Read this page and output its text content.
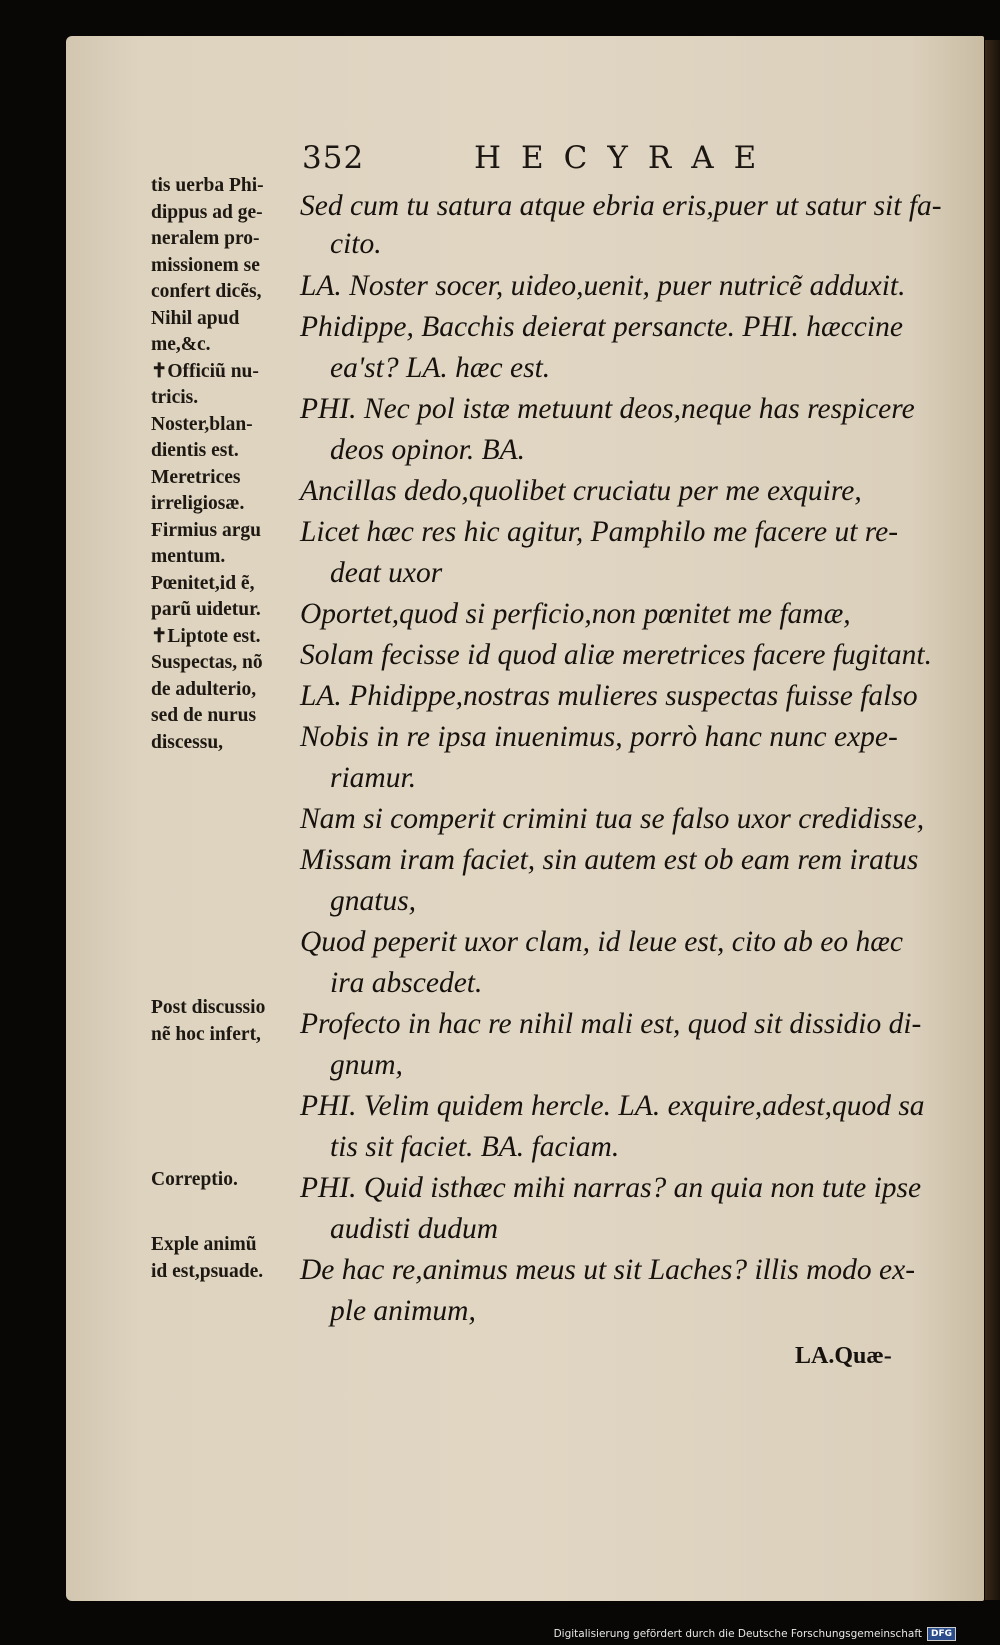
352	HECYRAE
tis uerba Phi-
dippus ad ge-
neralem pro-
missionem se
confert dicẽs,
Nihil apud
me,&c.
✝Officiũ nu-
tricis.
Noster,blan-
dientis est.
Meretrices
irreligiosæ.
Firmius argu
mentum.
Pœnitet,id ẽ,
parũ uidetur.
✝Liptote est.
Suspectas, nõ
de adulterio,
sed de nurus
discessu,
Post discussio
nẽ hoc infert,
Correptio.
Exple animũ
id est,psuade.
Sed cum tu satura atque ebria eris,puer ut satur sit fa-
cito.
LA. Noster socer, uideo,uenit, puer nutricẽ adduxit.
Phidippe, Bacchis deierat persancte. PHI. hæccine
ea'st? LA. hæc est.
PHI. Nec pol istæ metuunt deos,neque has respicere
deos opinor. BA.
Ancillas dedo,quolibet cruciatu per me exquire,
Licet hæc res hic agitur, Pamphilo me facere ut re-
deat uxor
Oportet,quod si perficio,non pœnitet me famæ,
Solam fecisse id quod aliæ meretrices facere fugitant.
LA. Phidippe,nostras mulieres suspectas fuisse falso
Nobis in re ipsa inuenimus, porrò hanc nunc expe-
riamur.
Nam si comperit crimini tua se falso uxor credidisse,
Missam iram faciet, sin autem est ob eam rem iratus
gnatus,
Quod peperit uxor clam, id leue est, cito ab eo hæc
ira abscedet.
Profecto in hac re nihil mali est, quod sit dissidio di-
gnum,
PHI. Velim quidem hercle. LA. exquire,adest,quod sa
tis sit faciet. BA. faciam.
PHI. Quid isthæc mihi narras? an quia non tute ipse
audisti dudum
De hac re,animus meus ut sit Laches? illis modo ex-
ple animum,
LA.Quæ-
Digitalisierung gefördert durch die Deutsche Forschungsgemeinschaft	DFG
